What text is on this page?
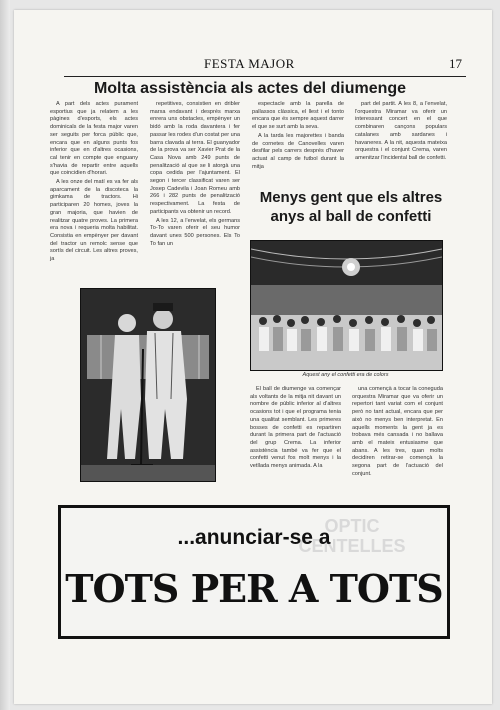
FESTA MAJOR	17
Molta assistència als actes del diumenge

A part dels actes purament esportius que ja relatem a les pàgines d'esports, els actes dominicals de la festa major varen ser seguits per forca públic que, encara que en alguns punts fos inferior que en d'altres ocasions, cal tenir en compte que enguany s'havia de repartir entre aquells que coincidien d'horari.

A les onze del matí es va fer als aparcament de la discoteca la gimkama de tractors. Hi participaren 20 homes, joves la gran majoria, que havien de realitzar quatre proves. La primera era nova i requeria molta habilitat. Consistia en empènyer per davant del tractor un remolc sense que sortís del circuit. Les altres proves, ja

repetitives, consistien en dribler marxa endavant i després marxa enrera uns obstacles, empènyer un bidó amb la roda davantera i fer passar les rodes d'un costat per una barra clavada al terra. El guanyador de la prova va ser Xavier Prat de la Casa Nova amb 249 punts de penalització al que se li atorgà una copa cedida per l'ajuntament. El segon i tercer classificat varen ser Josep Cadevila i Joan Romeu amb 266 i 282 punts de penalització respectivament. La festa de participants va obtenir un record.

A les 12, a l'envelat, els germans To-To varen oferir el seu humor davant unes 500 persones. Els To To fan un

espectacle amb la parella de pallassos clàssica, el llest i el tonto encara que és sempre aquest darrer el que se surt amb la seva.

A la tarda les majorettes i banda de cornetes de Canovelles varen desfilar pels carrers després d'haver actuat al camp de futbol durant la mitja

part del partit. A les 8, a l'envelat, l'orquestra Miramar va oferir un interessant concert en el que combinaren cançons populars catalanes amb sardanes i havaneres. A la nit, aquesta mateixa orquestra i el conjunt Crema, varen amenitzar l'incidental ball de confetti.

Menys gent que els altres anys al ball de confetti
Aquest any el confetti era de colors

El ball de diumenge va començar als voltants de la mitja nit davant un nombre de públic inferior al d'altres ocasions tot i que el programa tenia una qualitat semblant. Les primeres bosses de confetti es repartiren durant la primera part de l'actuació del grup Crema. La inferior assistència també va fer que el confetti venut fos molt menys i la vetllada menys animada. A la

una començà a tocar la conegudа orquestra Miramar que va oferir un repertori tant variat com el conjunt però no tant actual, encara que per això no menys ben interpretat. En aquells moments la gent ja es trobava més cansada i no ballava amb el mateix entusiasme que abans. A les tres, quan molts decidiren retirar-se començà la segona part de l'actuació del conjunt.

OPTIC CENTELLES
...anunciar-se a
TOTS PER A TOTS
